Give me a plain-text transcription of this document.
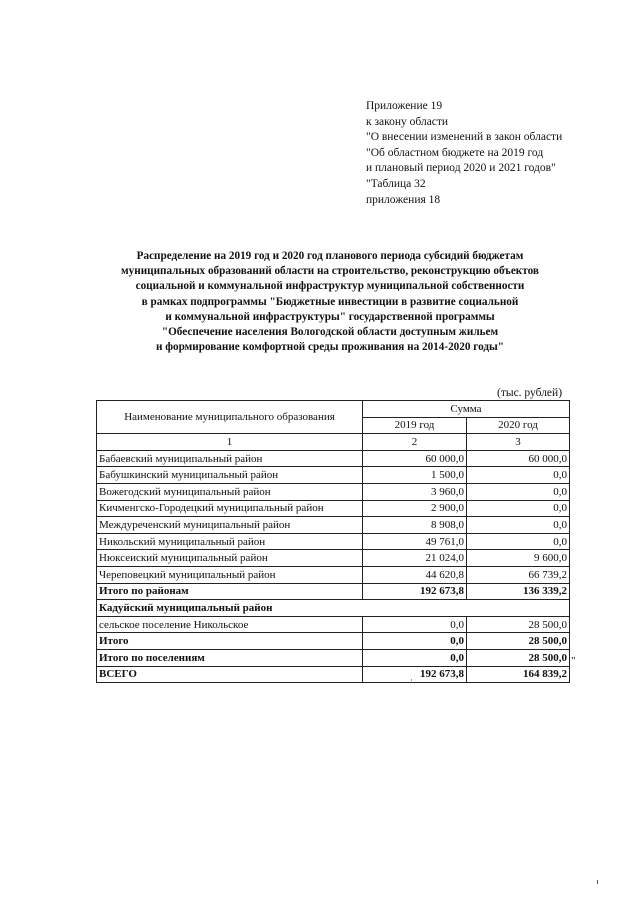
Приложение 19
к закону области
"О внесении изменений в закон области
"Об областном бюджете на 2019 год
и плановый период 2020 и 2021 годов"
"Таблица 32
приложения 18
Распределение на 2019 год и 2020 год планового периода субсидий бюджетам
муниципальных образований области на строительство, реконструкцию объектов
социальной и коммунальной инфраструктур муниципальной собственности
в рамках подпрограммы "Бюджетные инвестиции в развитие социальной
и коммунальной инфраструктуры" государственной программы
"Обеспечение населения Вологодской области доступным жильем
и формирование комфортной среды проживания на 2014-2020 годы"
(тыс. рублей)
Наименование муниципального образования	Сумма	
	2019 год	2020 год
1	2	3
Бабаевский муниципальный район	60 000,0	60 000,0
Бабушкинский муниципальный район	1 500,0	0,0
Вожегодский муниципальный район	3 960,0	0,0
Кичменгско-Городецкий муниципальный район	2 900,0	0,0
Междуреченский муниципальный район	8 908,0	0,0
Никольский муниципальный район	49 761,0	0,0
Нюксеиский муниципальный район	21 024,0	9 600,0
Череповецкий муниципальный район	44 620,8	66 739,2
Итого по районам	192 673,8	136 339,2
Кадуйский муниципальный район		
сельское поселение Никольское	0,0	28 500,0
Итого	0,0	28 500,0
Итого по поселениям	0,0	28 500,0
ВСЕГО	192 673,8	164 839,2
"
